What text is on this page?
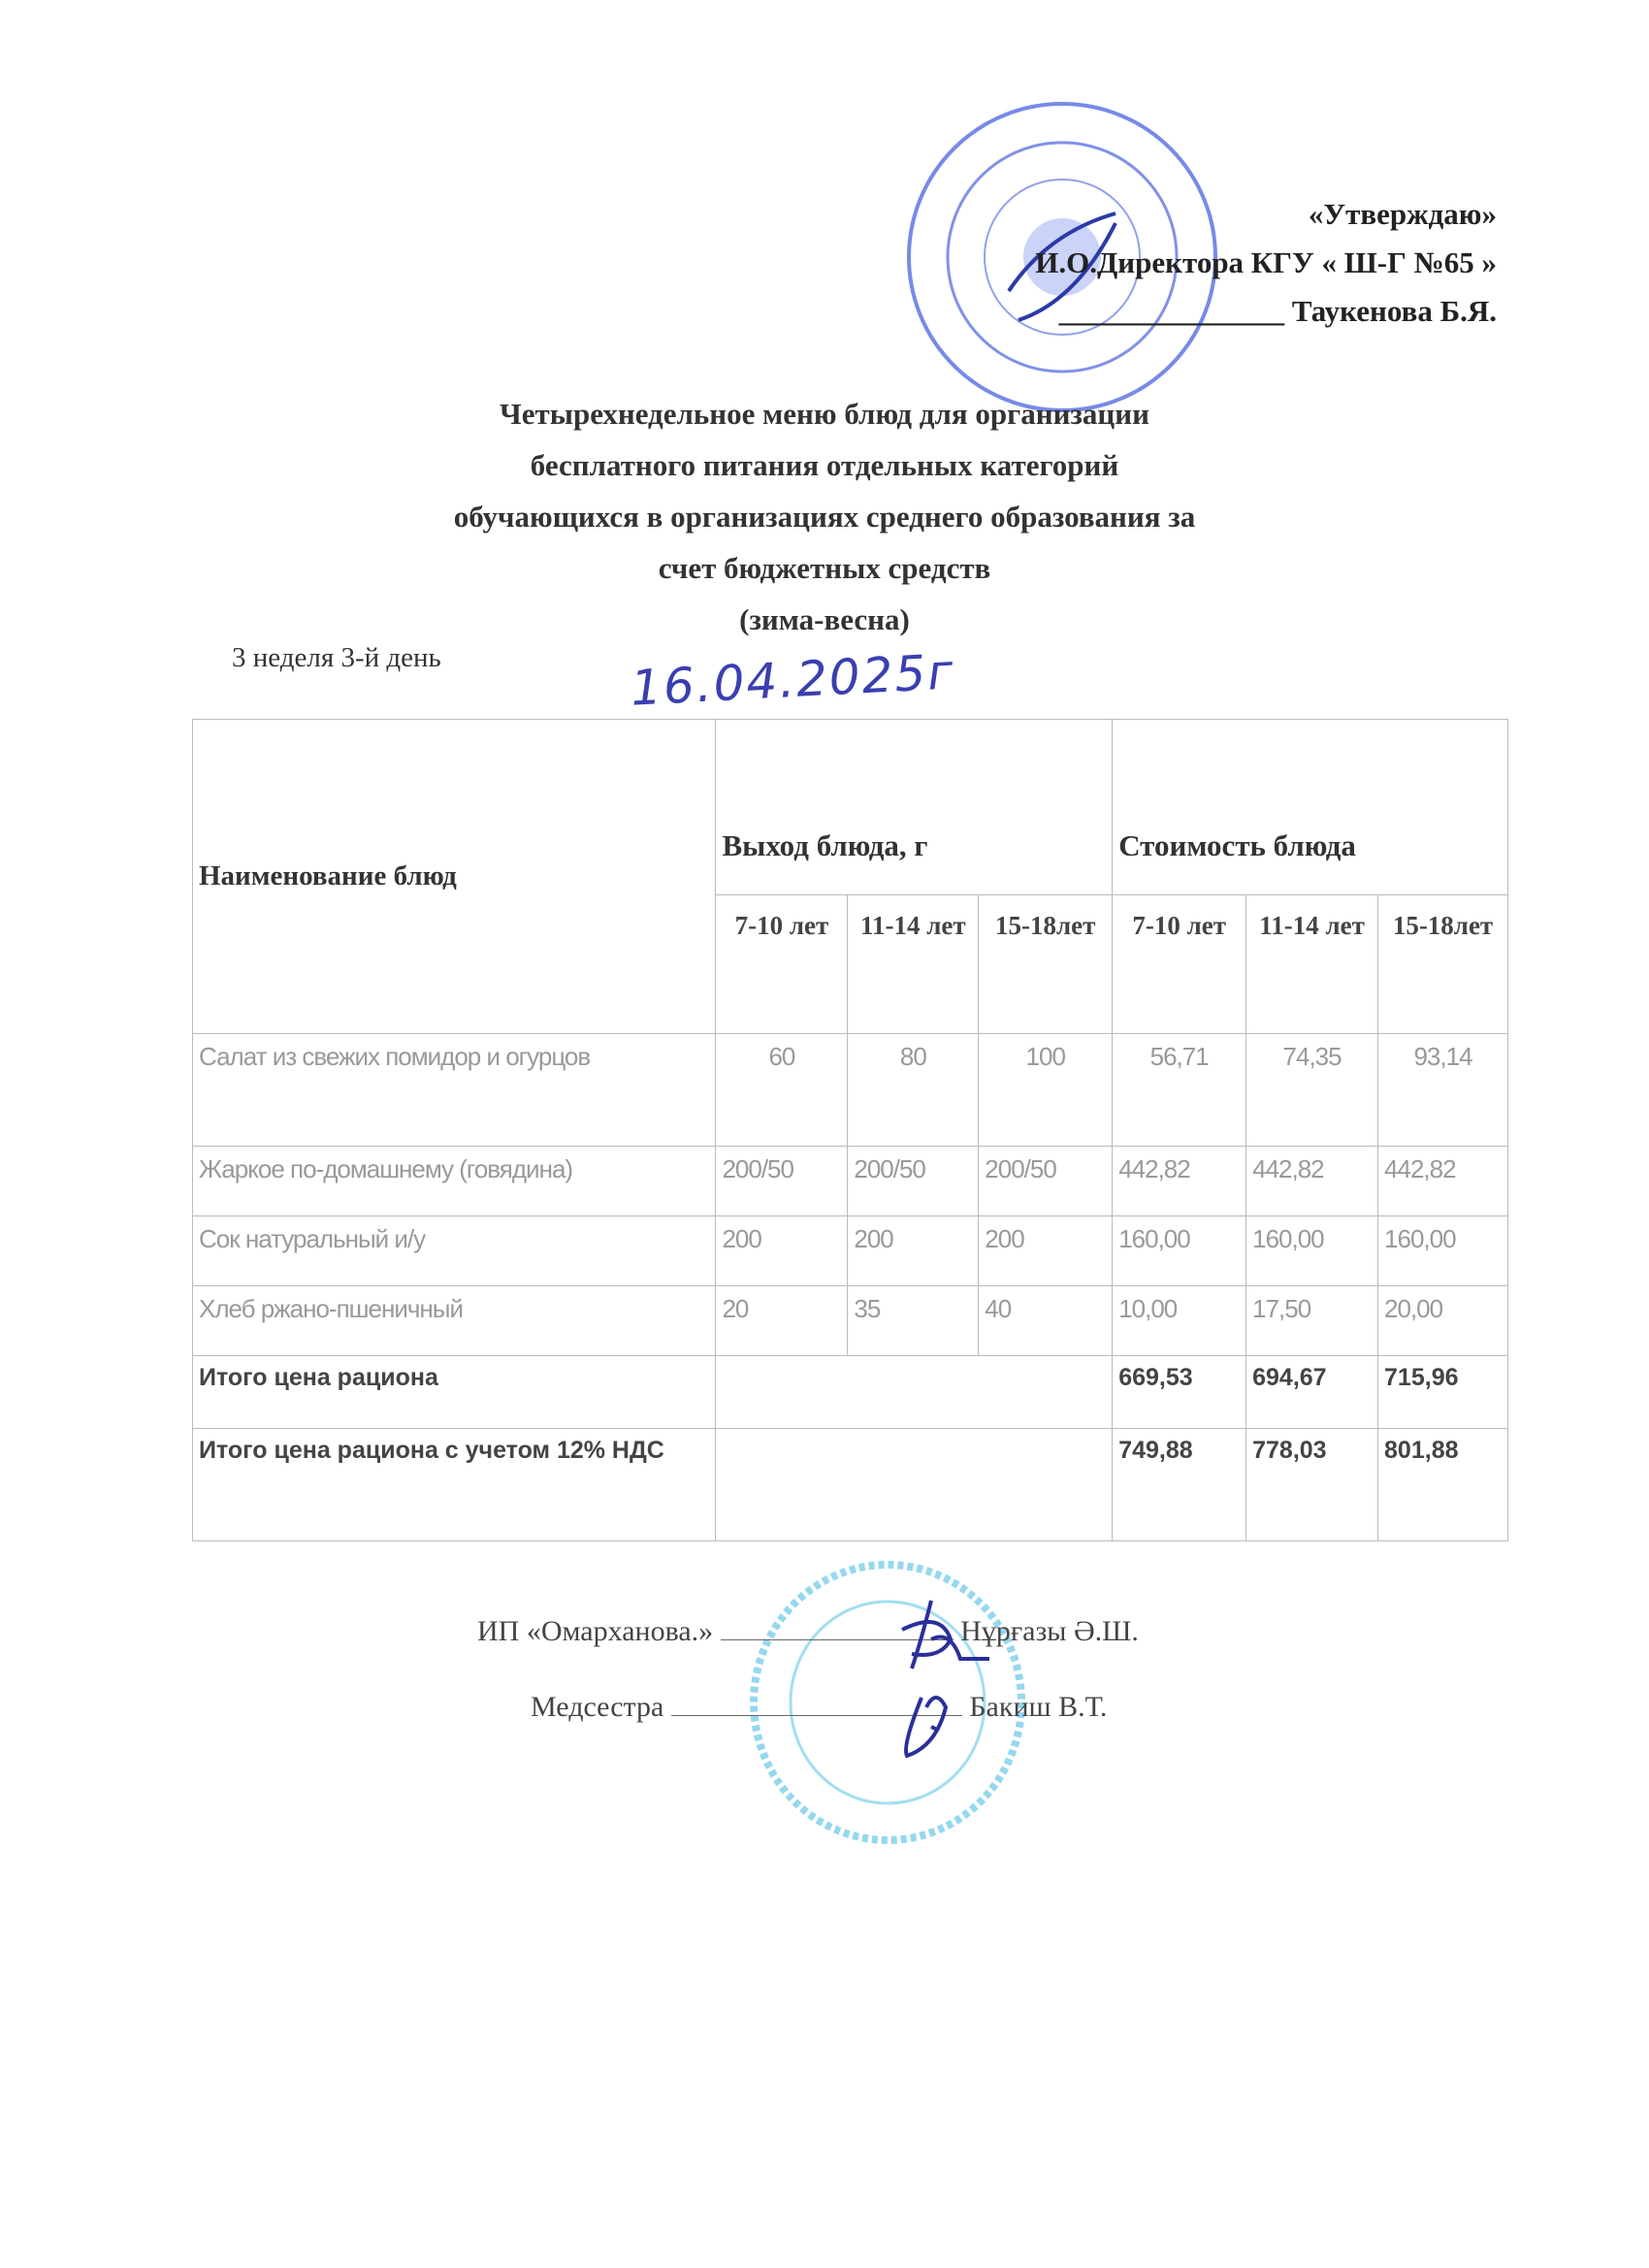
«Утверждаю»
И.О.Директора КГУ « Ш-Г №65 »
_______________ Таукенова Б.Я.
Четырехнедельное меню блюд для организации
бесплатного питания отдельных категорий
обучающихся в организациях среднего образования за
счет бюджетных средств
(зима-весна)
3 неделя 3-й день	16.04.2025г
Наименование блюд	Выход блюда, г			Стоимость блюда		
	7-10 лет	11-14 лет	15-18лет	7-10 лет	11-14 лет	15-18лет
Салат из свежих помидор и огурцов	60	80	100	56,71	74,35	93,14
Жаркое по-домашнему (говядина)	200/50	200/50	200/50	442,82	442,82	442,82
Сок натуральный и/у	200	200	200	160,00	160,00	160,00
Хлеб ржано-пшеничный	20	35	40	10,00	17,50	20,00
Итого цена рациона				669,53	694,67	715,96
Итого цена рациона с учетом 12% НДС				749,88	778,03	801,88
ИП «Омарханова.»	Нұрғазы Ә.Ш.
Медсестра	Бакиш В.Т.
